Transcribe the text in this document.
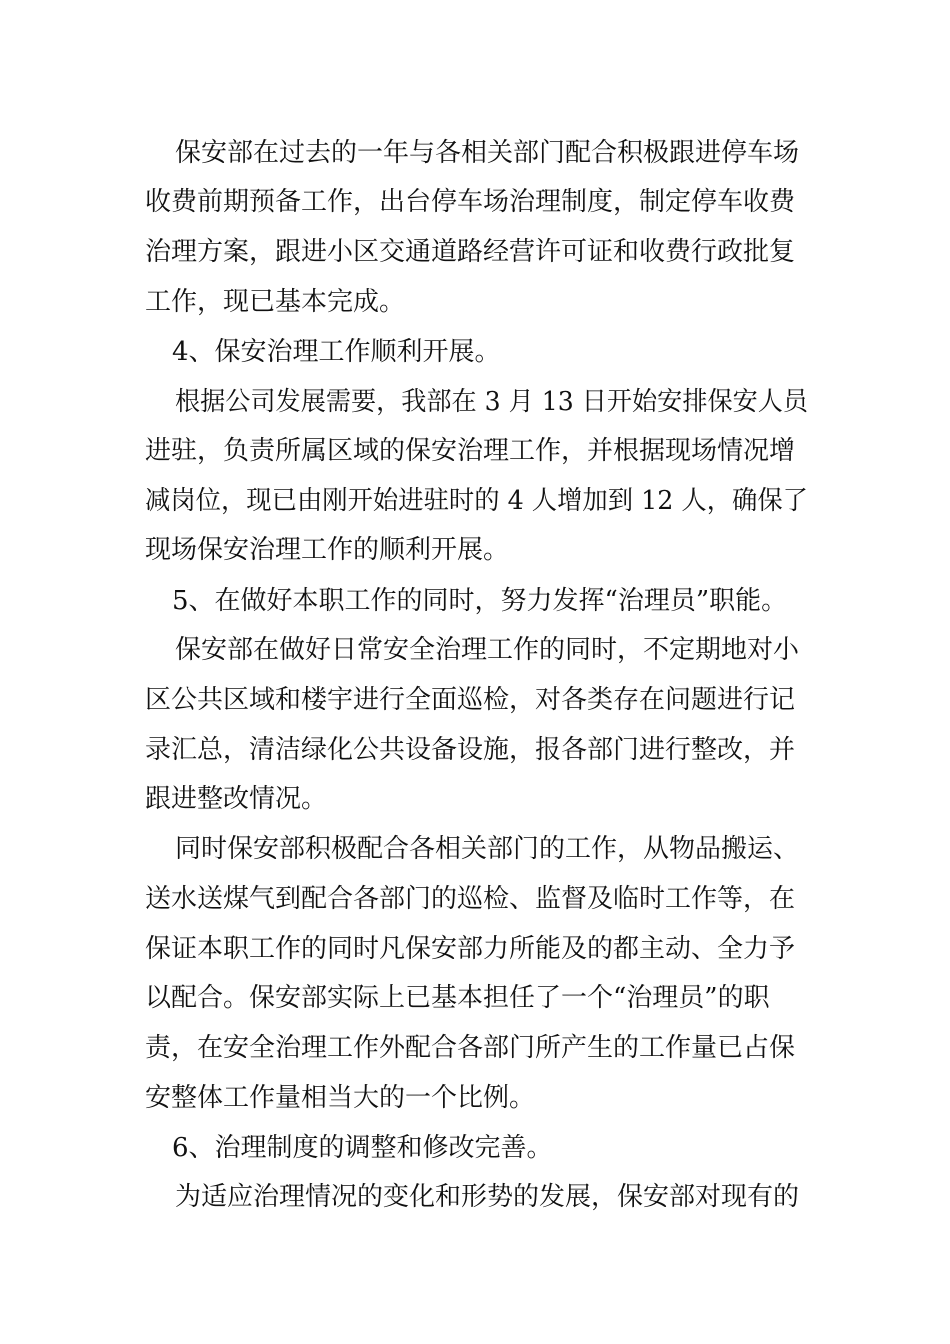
保安部在过去的一年与各相关部门配合积极跟进停车场
收费前期预备工作，出台停车场治理制度，制定停车收费
治理方案，跟进小区交通道路经营许可证和收费行政批复
工作，现已基本完成。
4、保安治理工作顺利开展。
根据公司发展需要，我部在 3 月 13 日开始安排保安人员
进驻，负责所属区域的保安治理工作，并根据现场情况增
减岗位，现已由刚开始进驻时的 4 人增加到 12 人，确保了
现场保安治理工作的顺利开展。
5、在做好本职工作的同时，努力发挥“治理员”职能。
保安部在做好日常安全治理工作的同时，不定期地对小
区公共区域和楼宇进行全面巡检，对各类存在问题进行记
录汇总，清洁绿化公共设备设施，报各部门进行整改，并
跟进整改情况。
同时保安部积极配合各相关部门的工作，从物品搬运、
送水送煤气到配合各部门的巡检、监督及临时工作等，在
保证本职工作的同时凡保安部力所能及的都主动、全力予
以配合。保安部实际上已基本担任了一个“治理员”的职
责，在安全治理工作外配合各部门所产生的工作量已占保
安整体工作量相当大的一个比例。
6、治理制度的调整和修改完善。
为适应治理情况的变化和形势的发展，保安部对现有的
